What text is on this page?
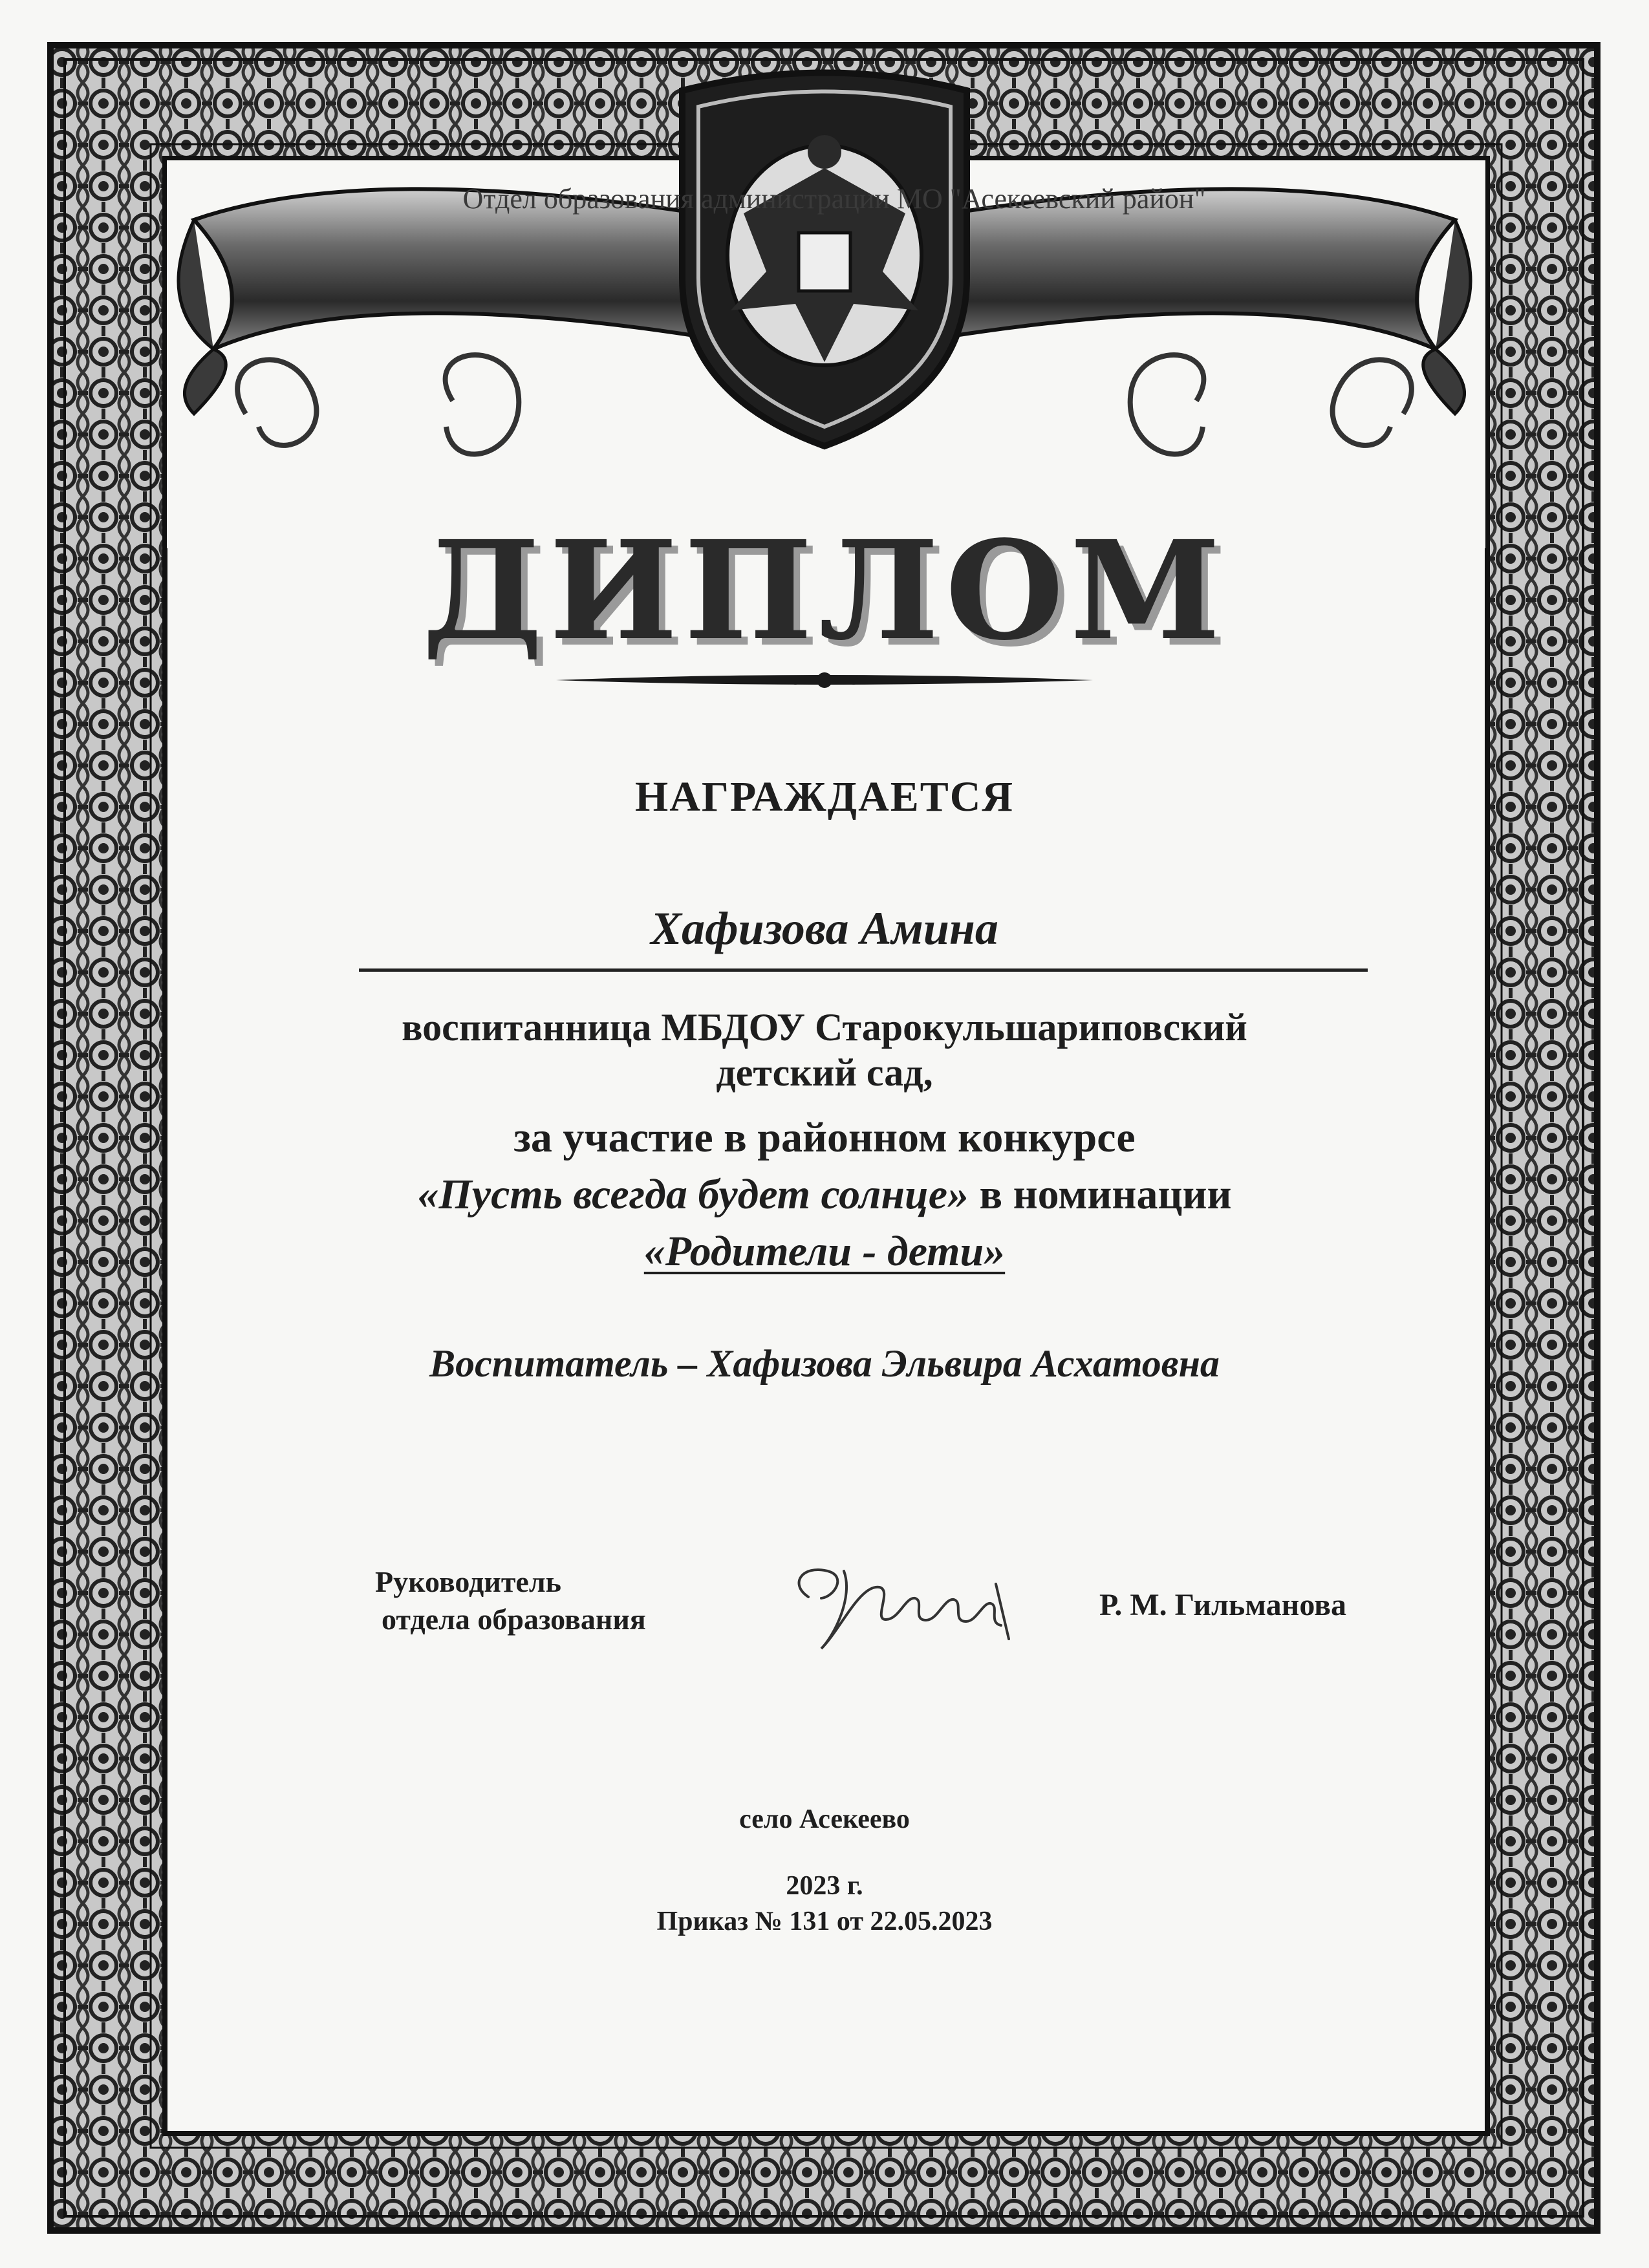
Отдел образования администрации МО "Асекеевский район"
ДИПЛОМ
НАГРАЖДАЕТСЯ
Хафизова Амина
воспитанница МБДОУ Старокульшариповский
детский сад,
за участие в районном конкурсе
«Пусть всегда будет солнце» в номинации
«Родители - дети»
Воспитатель – Хафизова Эльвира Асхатовна
Руководитель
отдела образования	Р. М. Гильманова
село Асекеево
2023 г.
Приказ № 131 от 22.05.2023
